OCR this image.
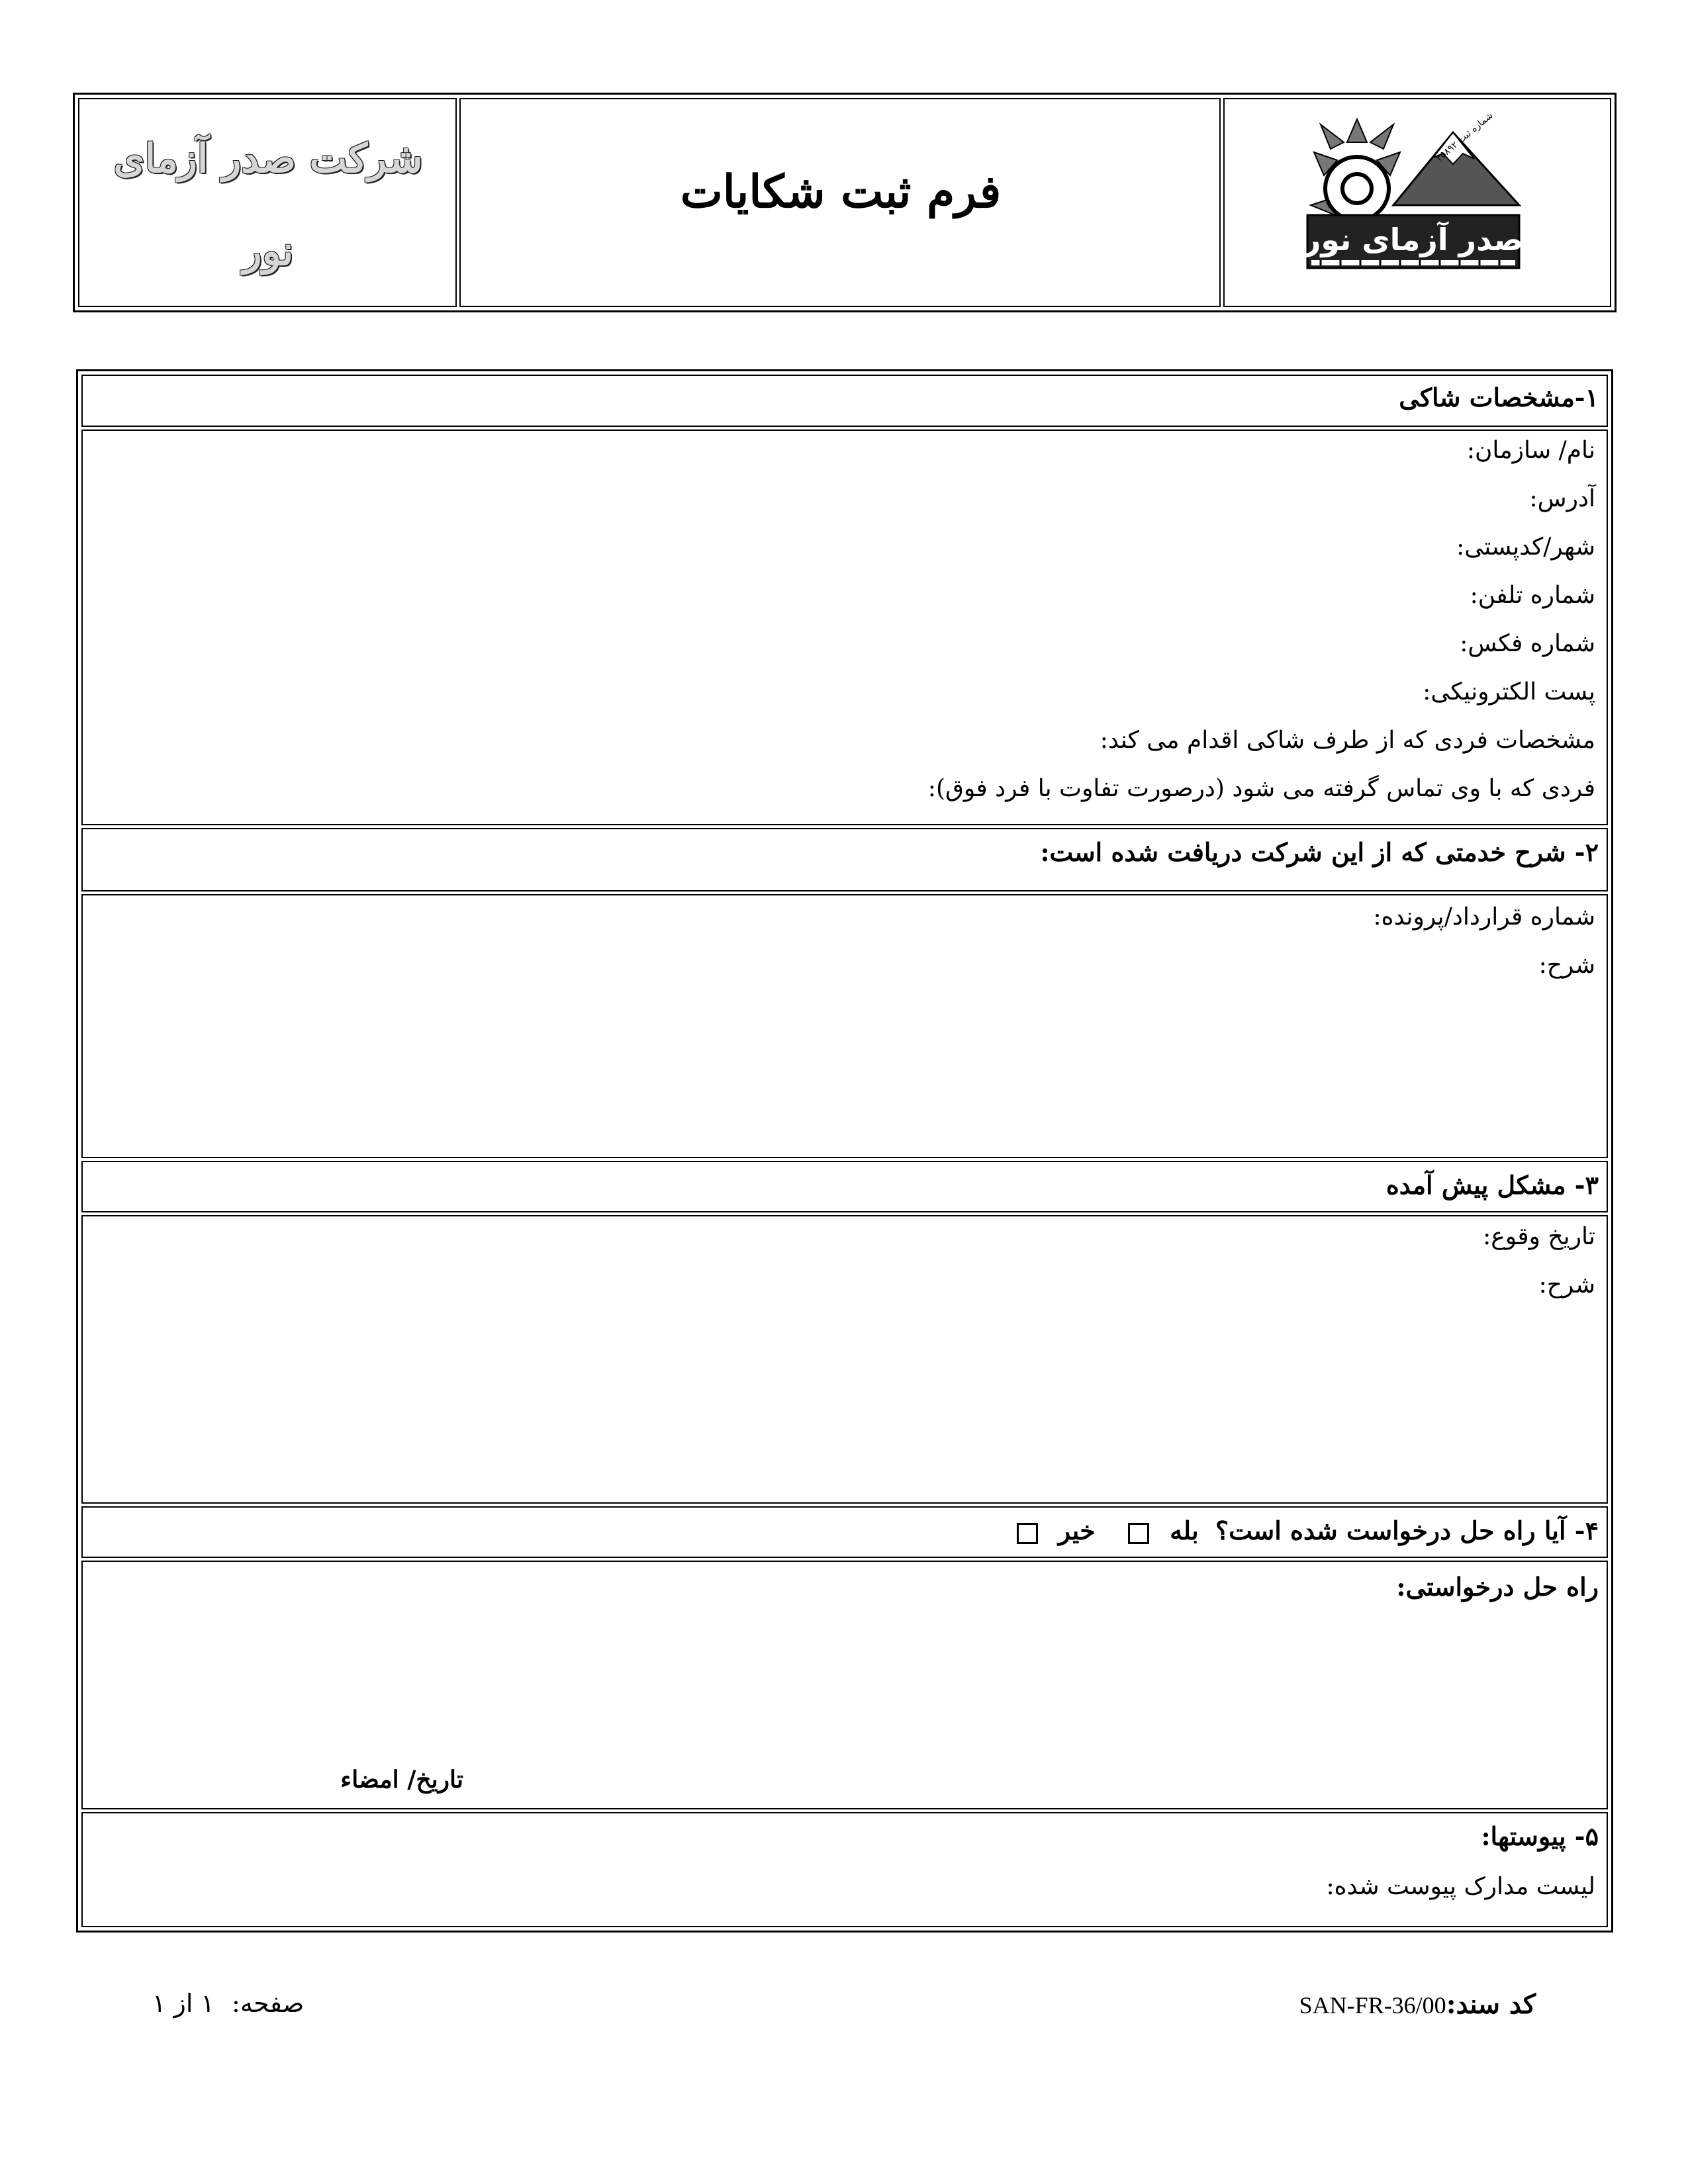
شرکت صدر آزمای
نور
فرم ثبت شکایات
صدر آزمای نور
شماره ثبت ۳۵۸۹۲
۱-مشخصات شاکی
نام/ سازمان:
آدرس:
شهر/کدپستی:
شماره تلفن:
شماره فکس:
پست الکترونیکی:
مشخصات فردی که از طرف شاکی اقدام می کند:
فردی که با وی تماس گرفته می شود (درصورت تفاوت با فرد فوق):
۲- شرح خدمتی که از این شرکت دریافت شده است:
شماره قرارداد/پرونده:
شرح:
۳- مشکل پیش آمده
تاریخ وقوع:
شرح:
۴- آیا راه حل درخواست شده است؟ بله  خیر
راه حل درخواستی:
تاریخ/ امضاء
۵- پیوستها:
لیست مدارک پیوست شده:
کد سند:SAN-FR-36/00
صفحه: ۱ از ۱
